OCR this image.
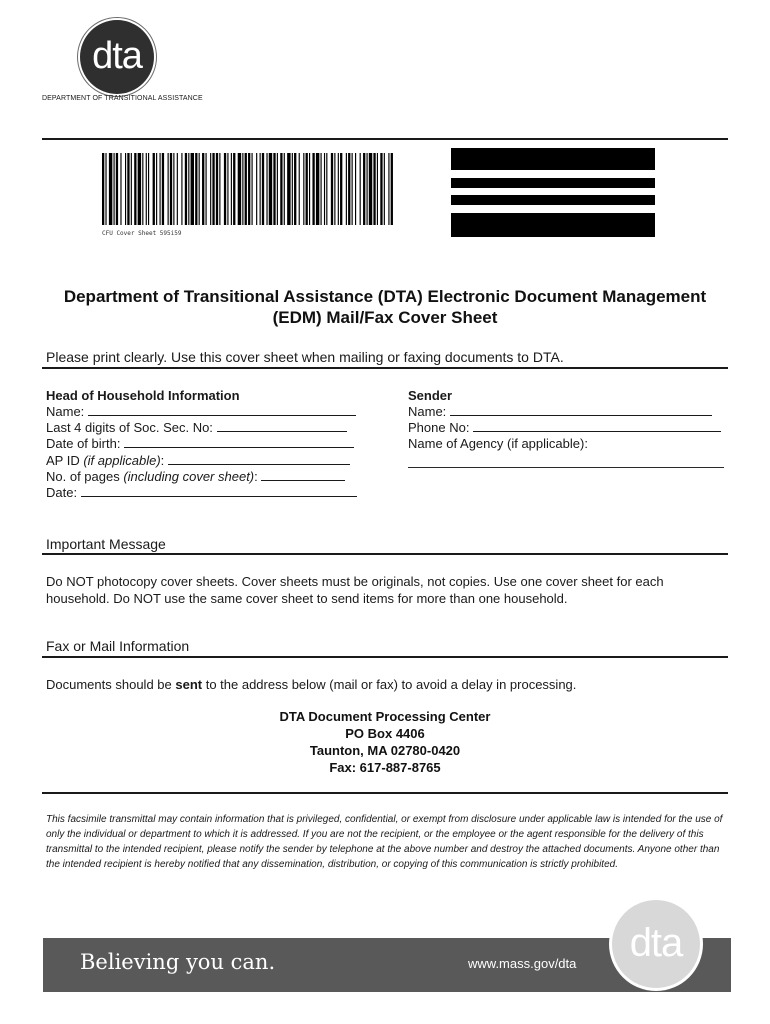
dta
DEPARTMENT OF TRANSITIONAL ASSISTANCE
CFU Cover Sheet 595i59
Department of Transitional Assistance (DTA) Electronic Document Management
(EDM) Mail/Fax Cover Sheet
Please print clearly. Use this cover sheet when mailing or faxing documents to DTA.
Head of Household Information
Name:
Last 4 digits of Soc. Sec. No:
Date of birth:
AP ID (if applicable):
No. of pages (including cover sheet):
Date:
Sender
Name:
Phone No:
Name of Agency (if applicable):
Important Message
Do NOT photocopy cover sheets. Cover sheets must be originals, not copies. Use one cover sheet for each household. Do NOT use the same cover sheet to send items for more than one household.
Fax or Mail Information
Documents should be sent to the address below (mail or fax) to avoid a delay in processing.
DTA Document Processing Center
PO Box 4406
Taunton, MA 02780-0420
Fax: 617-887-8765
This facsimile transmittal may contain information that is privileged, confidential, or exempt from disclosure under applicable law is intended for the use of only the individual or department to which it is addressed. If you are not the recipient, or the employee or the agent responsible for the delivery of this transmittal to the intended recipient, please notify the sender by telephone at the above number and destroy the attached documents. Anyone other than the intended recipient is hereby notified that any dissemination, distribution, or copying of this communication is strictly prohibited.
Believing you can.	www.mass.gov/dta	dta
